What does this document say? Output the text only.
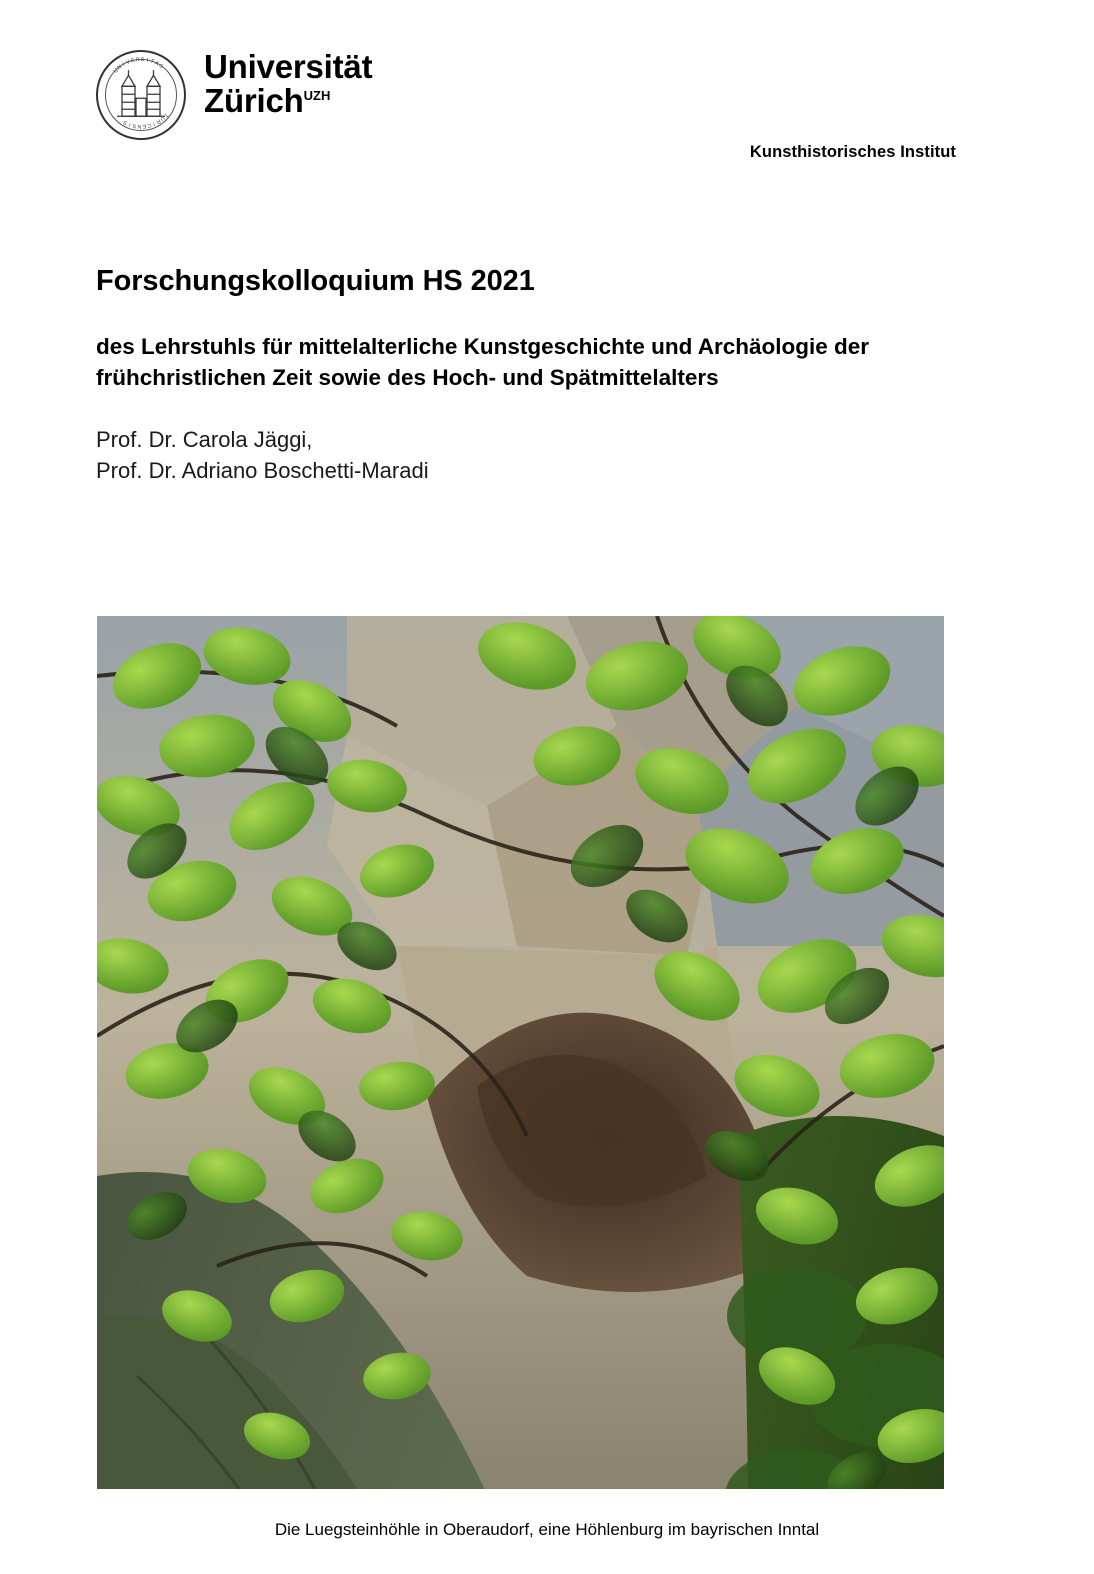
U
N
I
V
E R S I T
A
S
T
U
R
I
C
E
N
S
I
S
Universität
Zürich$^{UZH}$
Kunsthistorisches Institut
Forschungskolloquium HS 2021
des Lehrstuhls für mittelalterliche Kunstgeschichte und Archäologie der frühchristlichen Zeit sowie des Hoch- und Spätmittelalters
Prof. Dr. Carola Jäggi,
Prof. Dr. Adriano Boschetti-Maradi
Die Luegsteinhöhle in Oberaudorf, eine Höhlenburg im bayrischen Inntal
